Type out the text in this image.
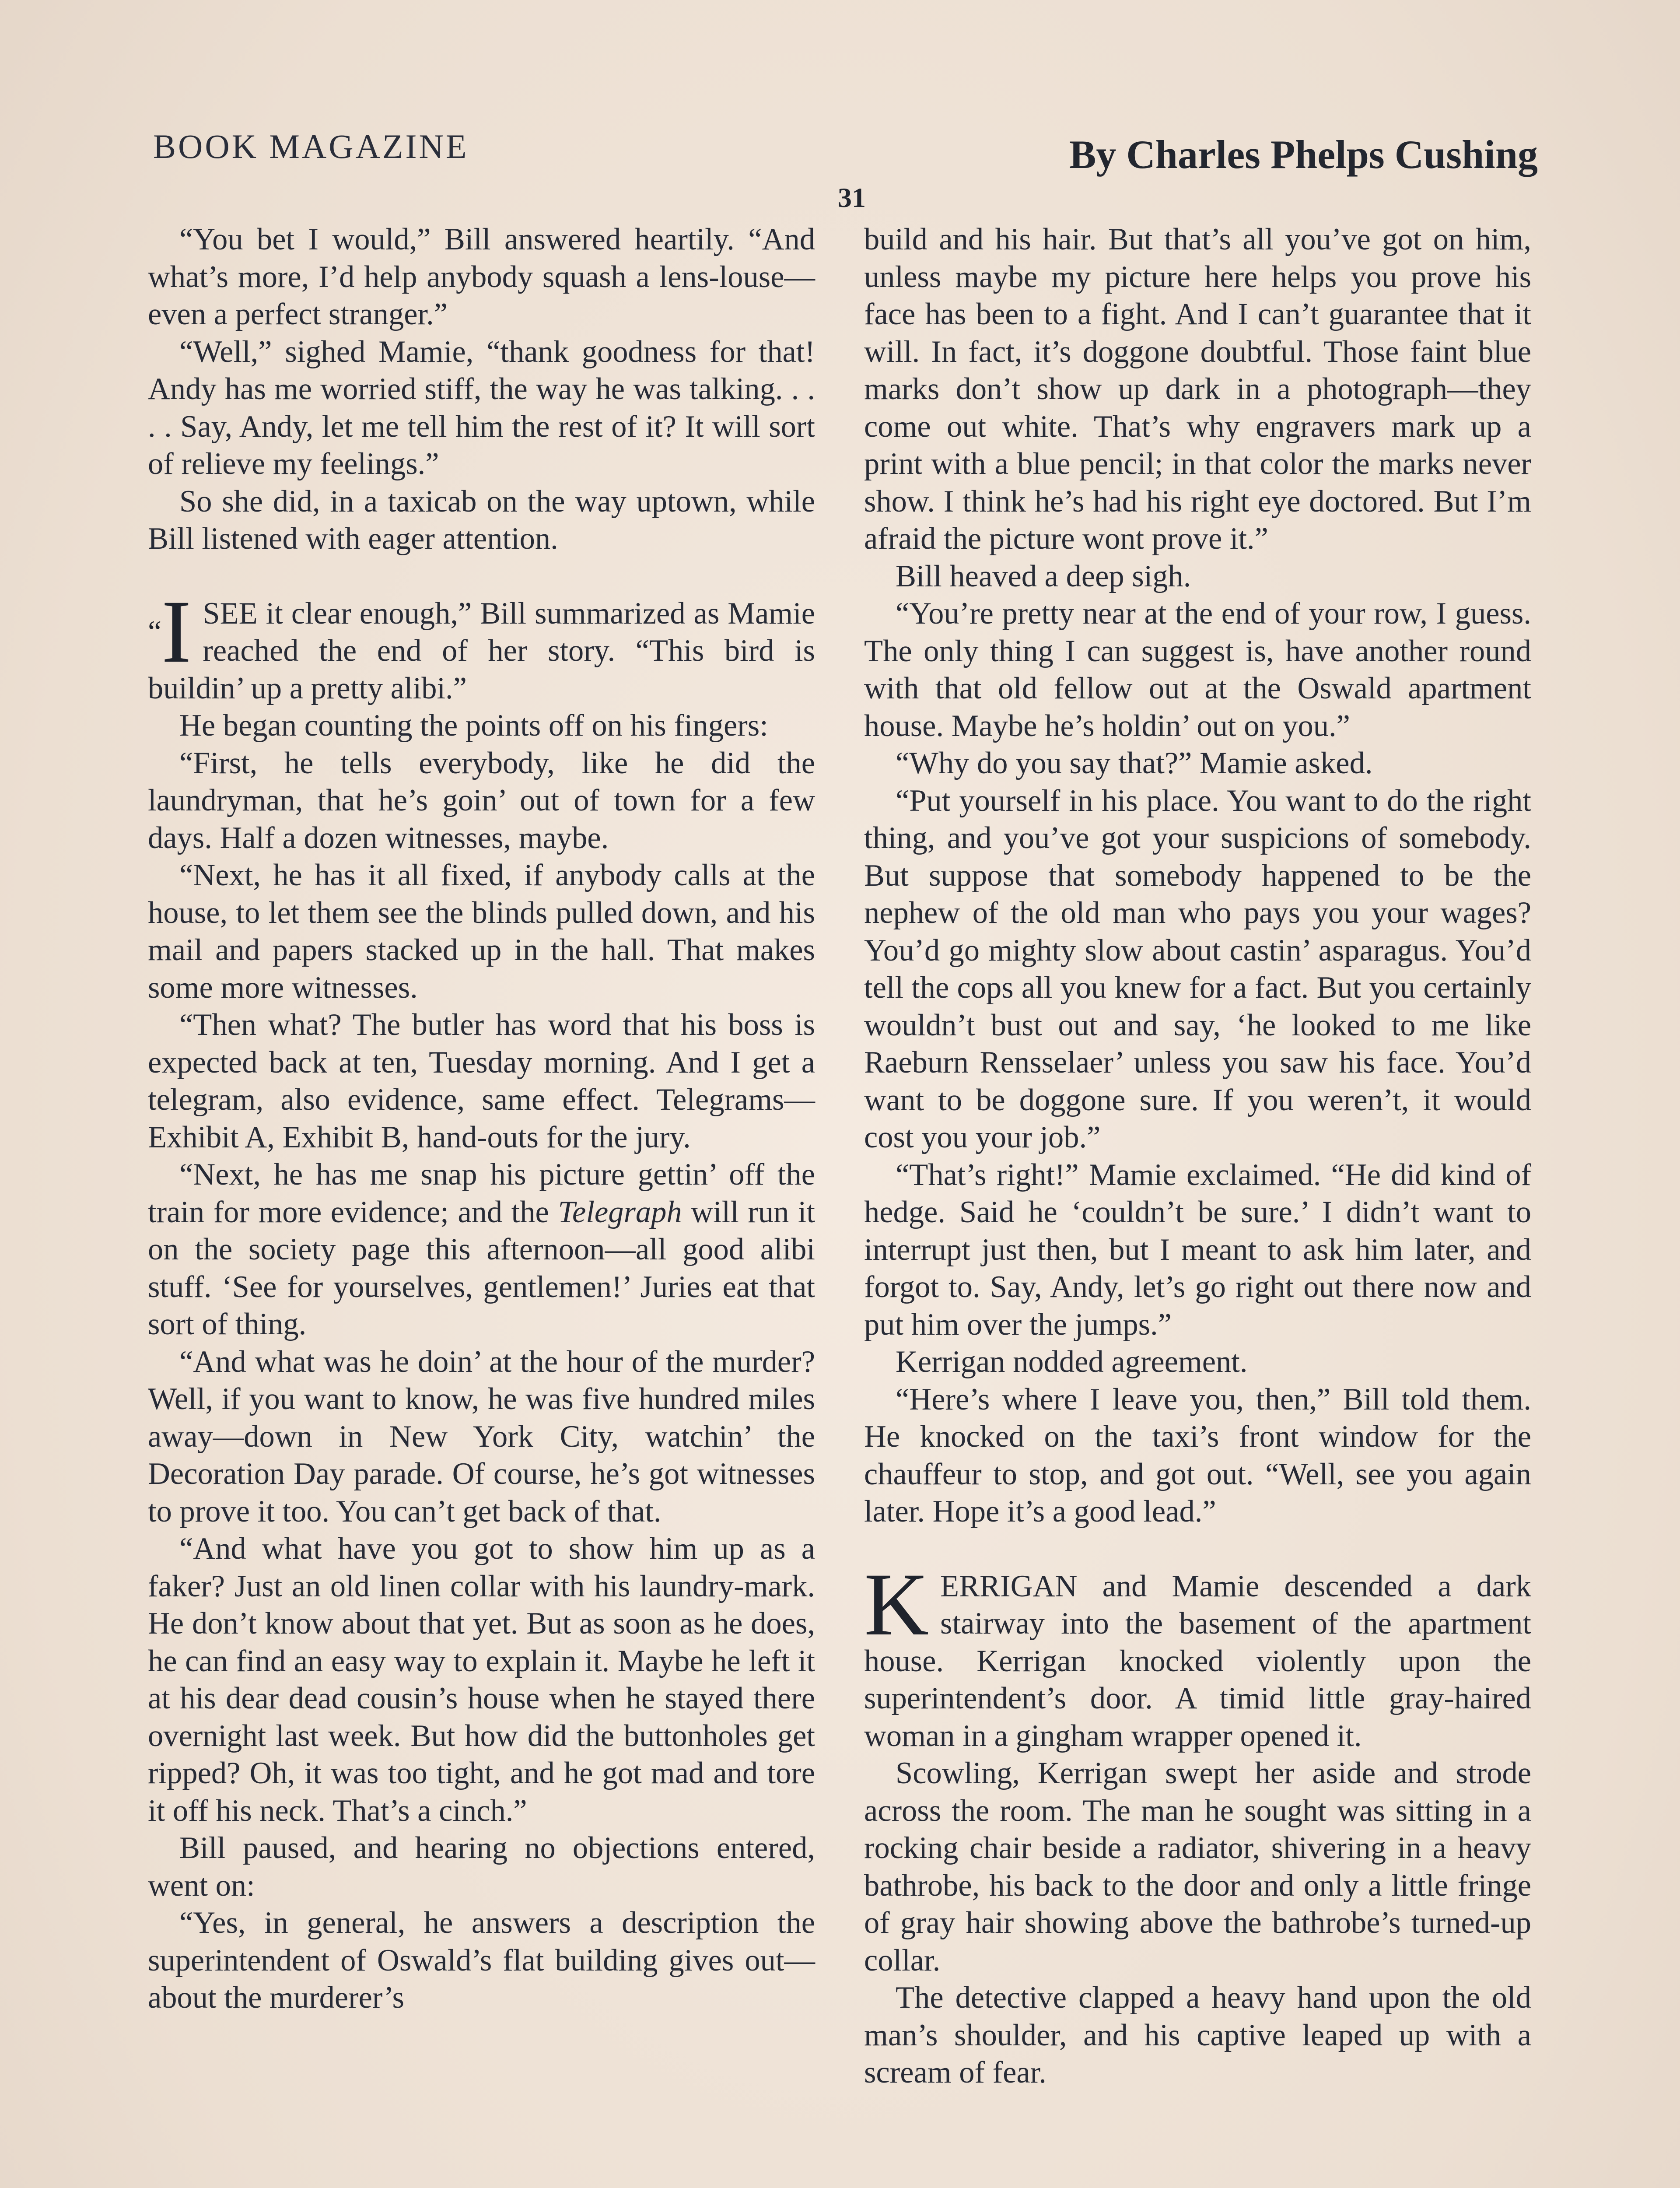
BOOK MAGAZINE	By Charles Phelps Cushing
31

“You bet I would,” Bill answered heartily. “And what’s more, I’d help anybody squash a lens-louse—even a perfect stranger.”

“Well,” sighed Mamie, “thank goodness for that! Andy has me worried stiff, the way he was talking. . . . . Say, Andy, let me tell him the rest of it? It will sort of relieve my feelings.”

So she did, in a taxicab on the way uptown, while Bill listened with eager attention.

“I SEE it clear enough,” Bill summarized as Mamie reached the end of her story. “This bird is buildin’ up a pretty alibi.”

He began counting the points off on his fingers:

“First, he tells everybody, like he did the laundryman, that he’s goin’ out of town for a few days. Half a dozen witnesses, maybe.

“Next, he has it all fixed, if anybody calls at the house, to let them see the blinds pulled down, and his mail and papers stacked up in the hall. That makes some more witnesses.

“Then what? The butler has word that his boss is expected back at ten, Tuesday morning. And I get a telegram, also evidence, same effect. Telegrams—Exhibit A, Exhibit B, hand-outs for the jury.

“Next, he has me snap his picture gettin’ off the train for more evidence; and the Telegraph will run it on the society page this afternoon—all good alibi stuff. ‘See for yourselves, gentlemen!’ Juries eat that sort of thing.

“And what was he doin’ at the hour of the murder? Well, if you want to know, he was five hundred miles away—down in New York City, watchin’ the Decoration Day parade. Of course, he’s got witnesses to prove it too. You can’t get back of that.

“And what have you got to show him up as a faker? Just an old linen collar with his laundry-mark. He don’t know about that yet. But as soon as he does, he can find an easy way to explain it. Maybe he left it at his dear dead cousin’s house when he stayed there overnight last week. But how did the buttonholes get ripped? Oh, it was too tight, and he got mad and tore it off his neck. That’s a cinch.”

Bill paused, and hearing no objections entered, went on:

“Yes, in general, he answers a description the superintendent of Oswald’s flat building gives out—about the murderer’s

build and his hair. But that’s all you’ve got on him, unless maybe my picture here helps you prove his face has been to a fight. And I can’t guarantee that it will. In fact, it’s doggone doubtful. Those faint blue marks don’t show up dark in a photograph—they come out white. That’s why engravers mark up a print with a blue pencil; in that color the marks never show. I think he’s had his right eye doctored. But I’m afraid the picture wont prove it.”

Bill heaved a deep sigh.

“You’re pretty near at the end of your row, I guess. The only thing I can suggest is, have another round with that old fellow out at the Oswald apartment house. Maybe he’s holdin’ out on you.”

“Why do you say that?” Mamie asked.

“Put yourself in his place. You want to do the right thing, and you’ve got your suspicions of somebody. But suppose that somebody happened to be the nephew of the old man who pays you your wages? You’d go mighty slow about castin’ asparagus. You’d tell the cops all you knew for a fact. But you certainly wouldn’t bust out and say, ‘he looked to me like Raeburn Rensselaer’ unless you saw his face. You’d want to be doggone sure. If you weren’t, it would cost you your job.”

“That’s right!” Mamie exclaimed. “He did kind of hedge. Said he ‘couldn’t be sure.’ I didn’t want to interrupt just then, but I meant to ask him later, and forgot to. Say, Andy, let’s go right out there now and put him over the jumps.”

Kerrigan nodded agreement.

“Here’s where I leave you, then,” Bill told them. He knocked on the taxi’s front window for the chauffeur to stop, and got out. “Well, see you again later. Hope it’s a good lead.”

KERRIGAN and Mamie descended a dark stairway into the basement of the apartment house. Kerrigan knocked violently upon the superintendent’s door. A timid little gray-haired woman in a gingham wrapper opened it.

Scowling, Kerrigan swept her aside and strode across the room. The man he sought was sitting in a rocking chair beside a radiator, shivering in a heavy bathrobe, his back to the door and only a little fringe of gray hair showing above the bathrobe’s turned-up collar.

The detective clapped a heavy hand upon the old man’s shoulder, and his captive leaped up with a scream of fear.
